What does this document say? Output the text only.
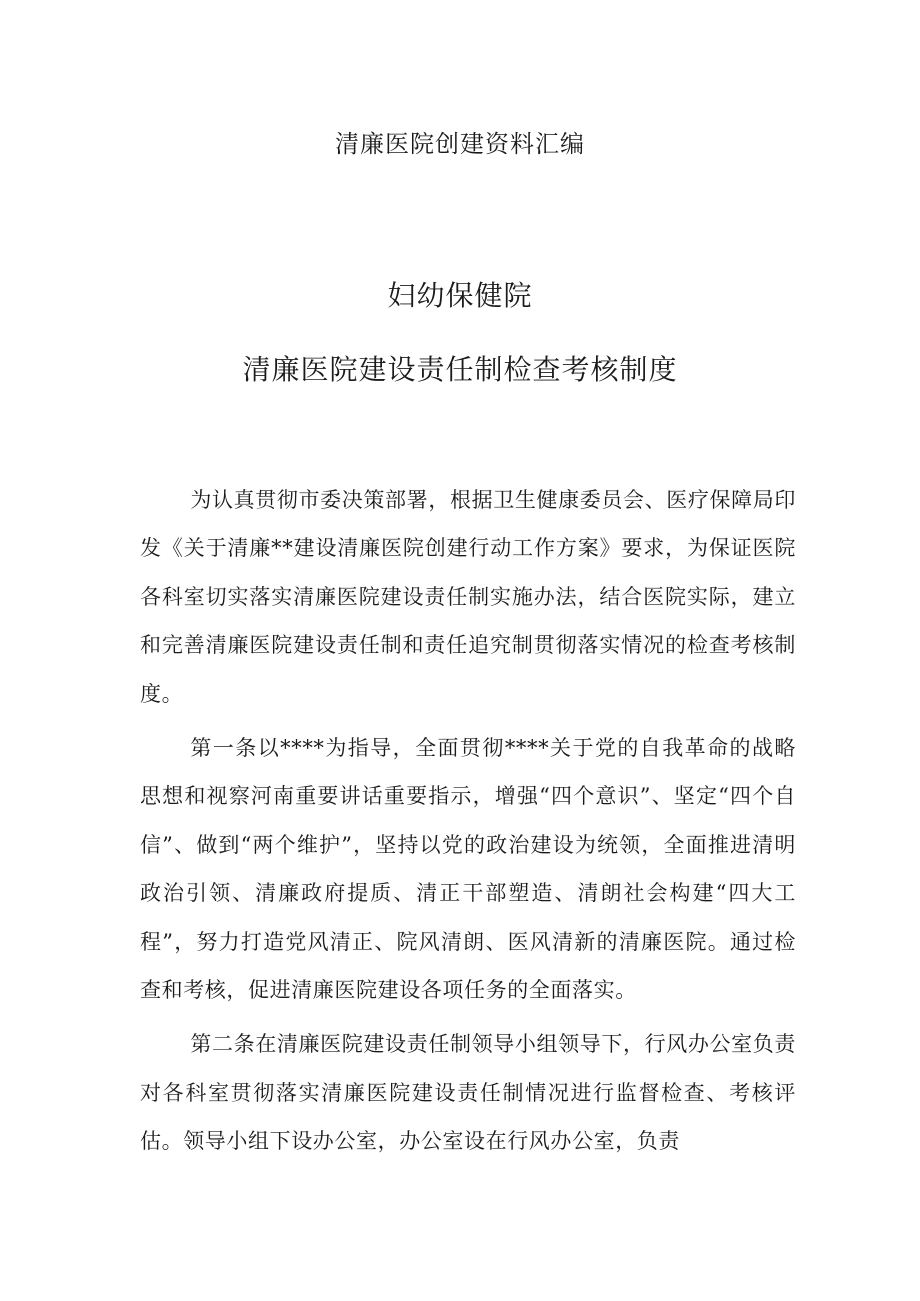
清廉医院创建资料汇编
妇幼保健院
清廉医院建设责任制检查考核制度

为认真贯彻市委决策部署，根据卫生健康委员会、医疗保障局印发《关于清廉**建设清廉医院创建行动工作方案》要求，为保证医院各科室切实落实清廉医院建设责任制实施办法，结合医院实际，建立和完善清廉医院建设责任制和责任追究制贯彻落实情况的检查考核制度。

第一条以****为指导，全面贯彻****关于党的自我革命的战略思想和视察河南重要讲话重要指示，增强“四个意识”、坚定“四个自信”、做到“两个维护”，坚持以党的政治建设为统领，全面推进清明政治引领、清廉政府提质、清正干部塑造、清朗社会构建“四大工程”，努力打造党风清正、院风清朗、医风清新的清廉医院。通过检查和考核，促进清廉医院建设各项任务的全面落实。

第二条在清廉医院建设责任制领导小组领导下，行风办公室负责对各科室贯彻落实清廉医院建设责任制情况进行监督检查、考核评估。领导小组下设办公室，办公室设在行风办公室，负责
